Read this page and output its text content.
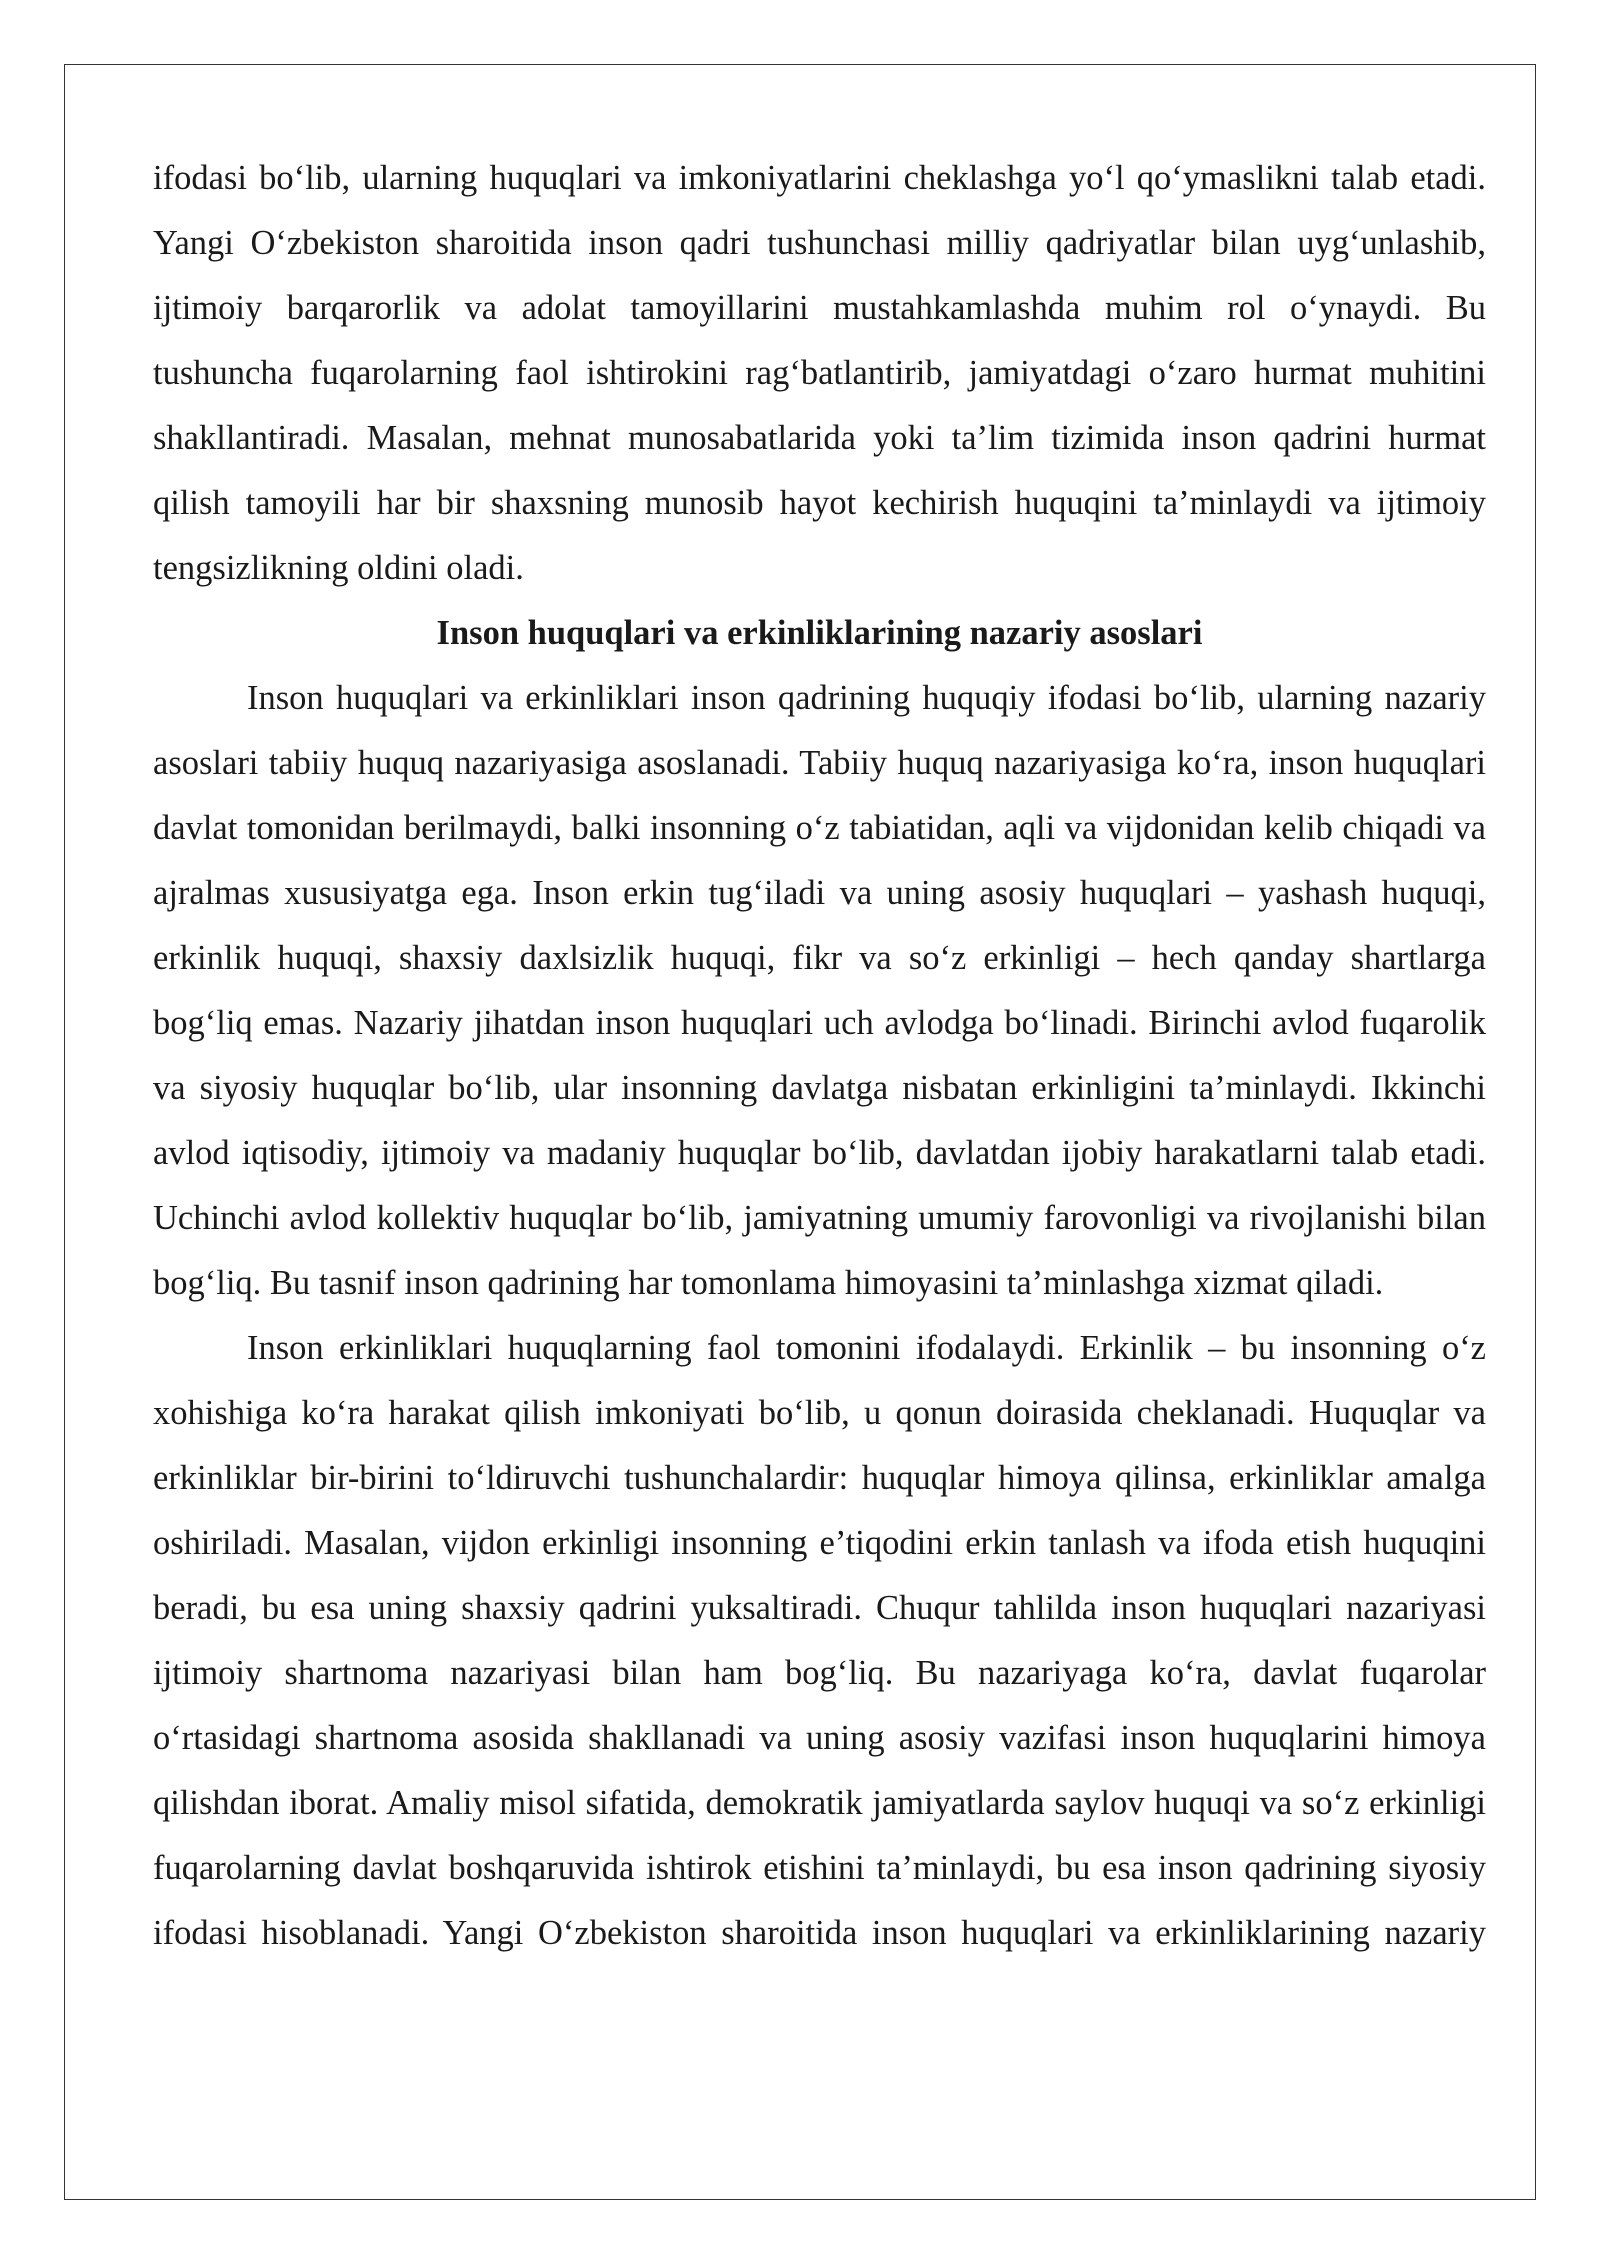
ifodasi bo‘lib, ularning huquqlari va imkoniyatlarini cheklashga yo‘l qo‘ymaslikni talab etadi. Yangi O‘zbekiston sharoitida inson qadri tushunchasi milliy qadriyatlar bilan uyg‘unlashib, ijtimoiy barqarorlik va adolat tamoyillarini mustahkamlashda muhim rol o‘ynaydi. Bu tushuncha fuqarolarning faol ishtirokini rag‘batlantirib, jamiyatdagi o‘zaro hurmat muhitini shakllantiradi. Masalan, mehnat munosabatlarida yoki ta’lim tizimida inson qadrini hurmat qilish tamoyili har bir shaxsning munosib hayot kechirish huquqini ta’minlaydi va ijtimoiy tengsizlikning oldini oladi.

Inson huquqlari va erkinliklarining nazariy asoslari

Inson huquqlari va erkinliklari inson qadrining huquqiy ifodasi bo‘lib, ularning nazariy asoslari tabiiy huquq nazariyasiga asoslanadi. Tabiiy huquq nazariyasiga ko‘ra, inson huquqlari davlat tomonidan berilmaydi, balki insonning o‘z tabiatidan, aqli va vijdonidan kelib chiqadi va ajralmas xususiyatga ega. Inson erkin tug‘iladi va uning asosiy huquqlari – yashash huquqi, erkinlik huquqi, shaxsiy daxlsizlik huquqi, fikr va so‘z erkinligi – hech qanday shartlarga bog‘liq emas. Nazariy jihatdan inson huquqlari uch avlodga bo‘linadi. Birinchi avlod fuqarolik va siyosiy huquqlar bo‘lib, ular insonning davlatga nisbatan erkinligini ta’minlaydi. Ikkinchi avlod iqtisodiy, ijtimoiy va madaniy huquqlar bo‘lib, davlatdan ijobiy harakatlarni talab etadi. Uchinchi avlod kollektiv huquqlar bo‘lib, jamiyatning umumiy farovonligi va rivojlanishi bilan bog‘liq. Bu tasnif inson qadrining har tomonlama himoyasini ta’minlashga xizmat qiladi.

Inson erkinliklari huquqlarning faol tomonini ifodalaydi. Erkinlik – bu insonning o‘z xohishiga ko‘ra harakat qilish imkoniyati bo‘lib, u qonun doirasida cheklanadi. Huquqlar va erkinliklar bir-birini to‘ldiruvchi tushunchalardir: huquqlar himoya qilinsa, erkinliklar amalga oshiriladi. Masalan, vijdon erkinligi insonning e’tiqodini erkin tanlash va ifoda etish huquqini beradi, bu esa uning shaxsiy qadrini yuksaltiradi. Chuqur tahlilda inson huquqlari nazariyasi ijtimoiy shartnoma nazariyasi bilan ham bog‘liq. Bu nazariyaga ko‘ra, davlat fuqarolar o‘rtasidagi shartnoma asosida shakllanadi va uning asosiy vazifasi inson huquqlarini himoya qilishdan iborat. Amaliy misol sifatida, demokratik jamiyatlarda saylov huquqi va so‘z erkinligi fuqarolarning davlat boshqaruvida ishtirok etishini ta’minlaydi, bu esa inson qadrining siyosiy ifodasi hisoblanadi. Yangi O‘zbekiston sharoitida inson huquqlari va erkinliklarining nazariy
